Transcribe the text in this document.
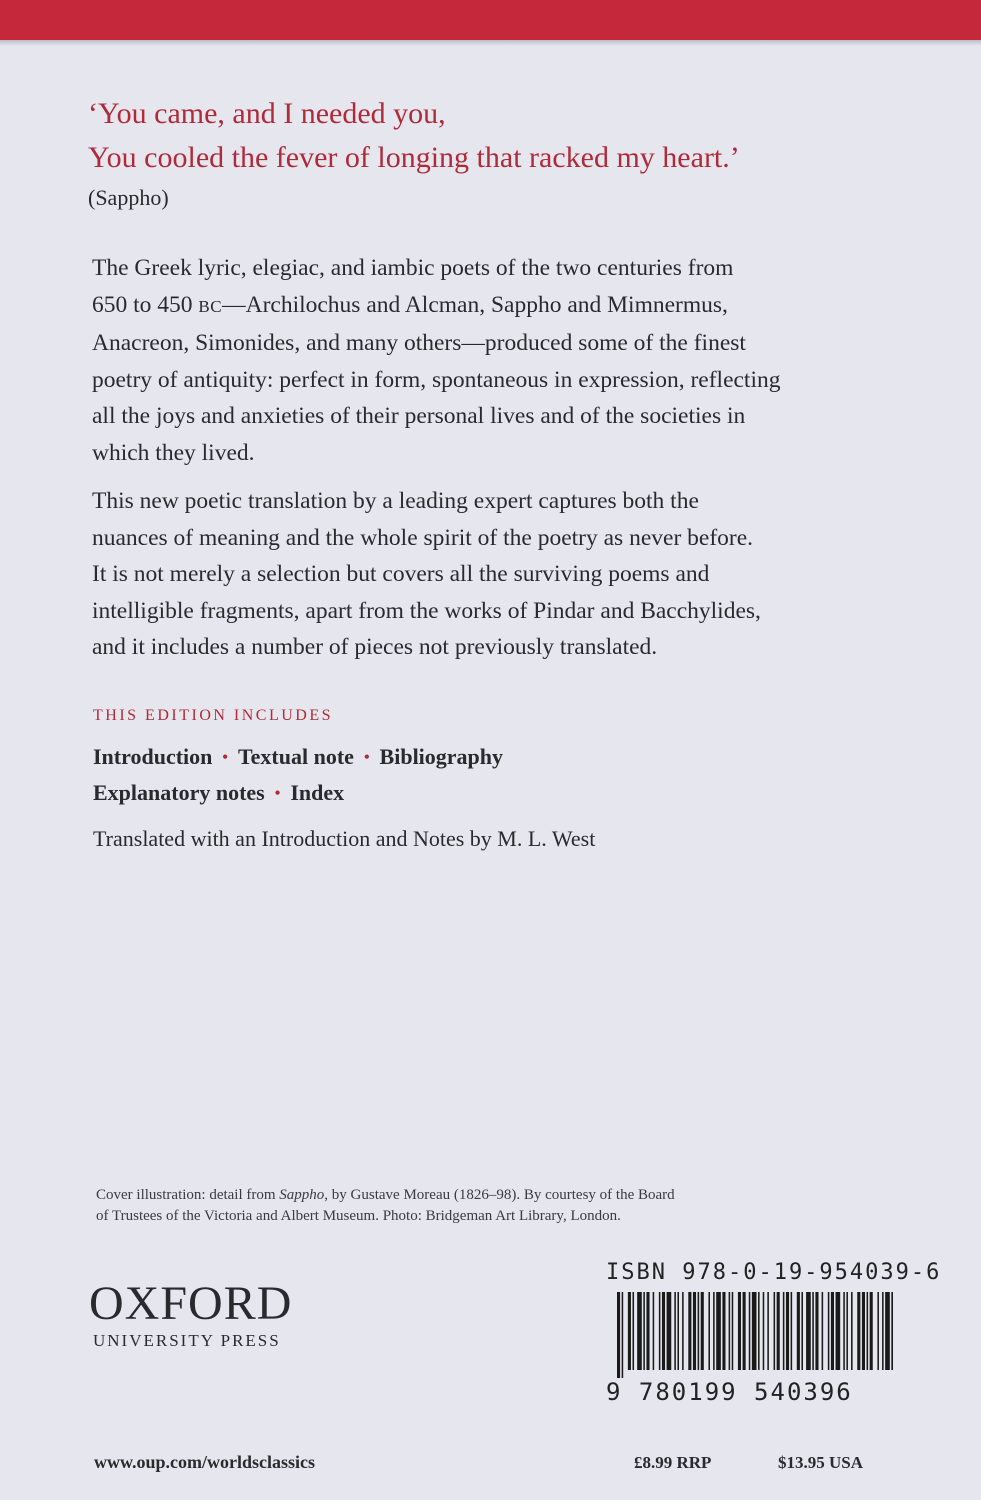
‘You came, and I needed you,
You cooled the fever of longing that racked my heart.’
(Sappho)
The Greek lyric, elegiac, and iambic poets of the two centuries from
650 to 450 BC—Archilochus and Alcman, Sappho and Mimnermus,
Anacreon, Simonides, and many others—produced some of the finest
poetry of antiquity: perfect in form, spontaneous in expression, reflecting
all the joys and anxieties of their personal lives and of the societies in
which they lived.
This new poetic translation by a leading expert captures both the
nuances of meaning and the whole spirit of the poetry as never before.
It is not merely a selection but covers all the surviving poems and
intelligible fragments, apart from the works of Pindar and Bacchylides,
and it includes a number of pieces not previously translated.
THIS EDITION INCLUDES
Introduction • Textual note • Bibliography
Explanatory notes • Index
Translated with an Introduction and Notes by M. L. West
Cover illustration: detail from Sappho, by Gustave Moreau (1826–98). By courtesy of the Board
of Trustees of the Victoria and Albert Museum. Photo: Bridgeman Art Library, London.
OXFORD
UNIVERSITY PRESS
www.oup.com/worldsclassics
ISBN 978-0-19-954039-6
9 780199 540396
£8.99 RRP	$13.95 USA
